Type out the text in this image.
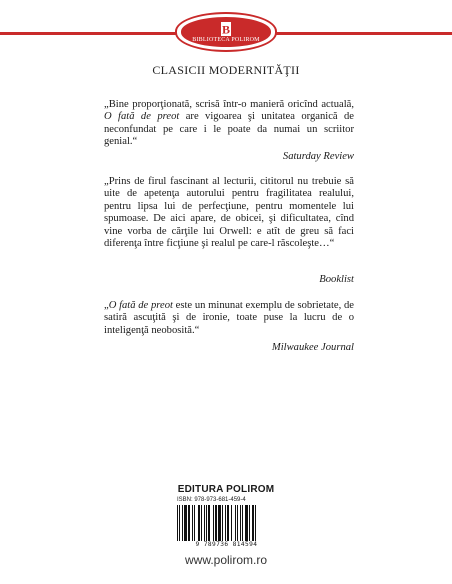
B
BIBLIOTECA POLIROM
CLASICII MODERNITĂŢII

„Bine proporţionată, scrisă într-o manieră oricînd actuală, O fată de preot are vigoarea şi unitatea organică de neconfundat pe care i le poate da numai un scriitor genial.“

Saturday Review

„Prins de firul fascinant al lecturii, cititorul nu trebuie să uite de apetenţa autorului pentru fragilitatea realului, pentru lipsa lui de perfecţiune, pentru momentele lui spumoase. De aici apare, de obicei, şi dificultatea, cînd vine vorba de cărţile lui Orwell: e atît de greu să faci diferenţa între ficţiune şi realul pe care-l răscoleşte…“

Booklist

„O fată de preot este un minunat exemplu de sobrietate, de satiră ascuţită şi de ironie, toate puse la lucru de o inteligenţă neobosită.“

Milwaukee Journal
EDITURA POLIROM
ISBN: 978-973-681-459-4
9 789736 814594
www.polirom.ro
